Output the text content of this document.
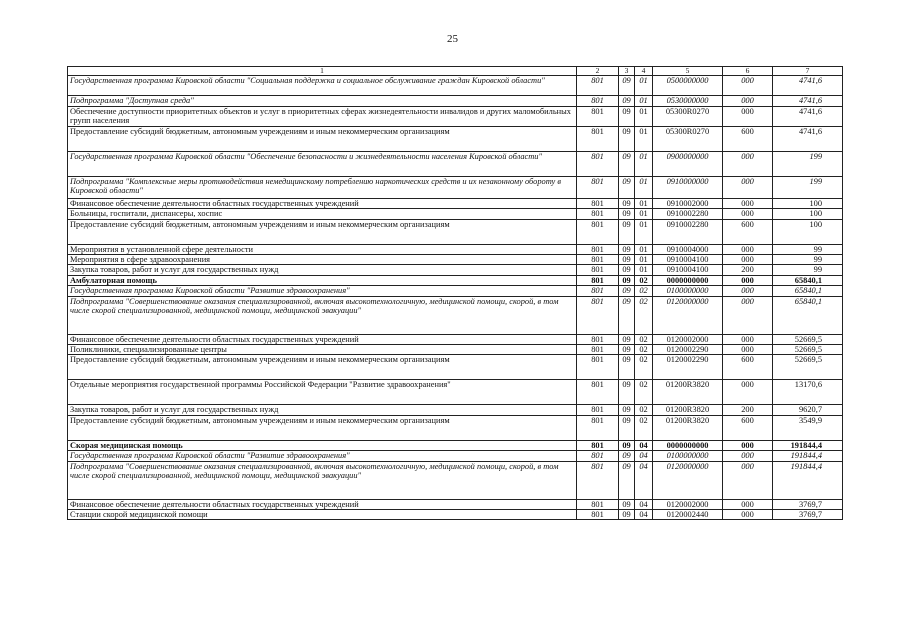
25
1	2	3	4	5	6	7
Государственная программа Кировской области "Социальная поддержка и социальное обслуживание граждан Кировской области"	801	09	01	0500000000	000	4741,6
Подпрограмма "Доступная среда"	801	09	01	0530000000	000	4741,6
Обеспечение доступности приоритетных объектов и услуг в приоритетных сферах жизнедеятельности инвалидов и других маломобильных групп населения	801	09	01	05300R0270	000	4741,6
Предоставление субсидий бюджетным, автономным учреждениям и иным некоммерческим организациям	801	09	01	05300R0270	600	4741,6
Государственная программа Кировской области "Обеспечение безопасности и жизнедеятельности населения Кировской области"	801	09	01	0900000000	000	199
Подпрограмма "Комплексные меры противодействия немедицинскому потреблению наркотических средств и их незаконному обороту в Кировской области"	801	09	01	0910000000	000	199
Финансовое обеспечение деятельности областных государственных учреждений	801	09	01	0910002000	000	100
Больницы, госпитали, диспансеры, хоспис	801	09	01	0910002280	000	100
Предоставление субсидий бюджетным, автономным учреждениям и иным некоммерческим организациям	801	09	01	0910002280	600	100
Мероприятия в установленной сфере деятельности	801	09	01	0910004000	000	99
Мероприятия в сфере здравоохранения	801	09	01	0910004100	000	99
Закупка товаров, работ и услуг для государственных нужд	801	09	01	0910004100	200	99
Амбулаторная помощь	801	09	02	0000000000	000	65840,1
Государственная программа Кировской области "Развитие здравоохранения"	801	09	02	0100000000	000	65840,1
Подпрограмма "Совершенствование оказания специализированной, включая высокотехнологичную, медицинской помощи, скорой, в том числе скорой специализированной, медицинской помощи, медицинской эвакуации"	801	09	02	0120000000	000	65840,1
Финансовое обеспечение деятельности областных государственных учреждений	801	09	02	0120002000	000	52669,5
Поликлиники, специализированные центры	801	09	02	0120002290	000	52669,5
Предоставление субсидий бюджетным, автономным учреждениям и иным некоммерческим организациям	801	09	02	0120002290	600	52669,5
Отдельные мероприятия государственной программы Российской Федерации "Развитие здравоохранения"	801	09	02	01200R3820	000	13170,6
Закупка товаров, работ и услуг для государственных нужд	801	09	02	01200R3820	200	9620,7
Предоставление субсидий бюджетным, автономным учреждениям и иным некоммерческим организациям	801	09	02	01200R3820	600	3549,9
Скорая медицинская помощь	801	09	04	0000000000	000	191844,4
Государственная программа Кировской области "Развитие здравоохранения"	801	09	04	0100000000	000	191844,4
Подпрограмма "Совершенствование оказания специализированной, включая высокотехнологичную, медицинской помощи, скорой, в том числе скорой специализированной, медицинской помощи, медицинской эвакуации"	801	09	04	0120000000	000	191844,4
Финансовое обеспечение деятельности областных государственных учреждений	801	09	04	0120002000	000	3769,7
Станции скорой медицинской помощи	801	09	04	0120002440	000	3769,7
